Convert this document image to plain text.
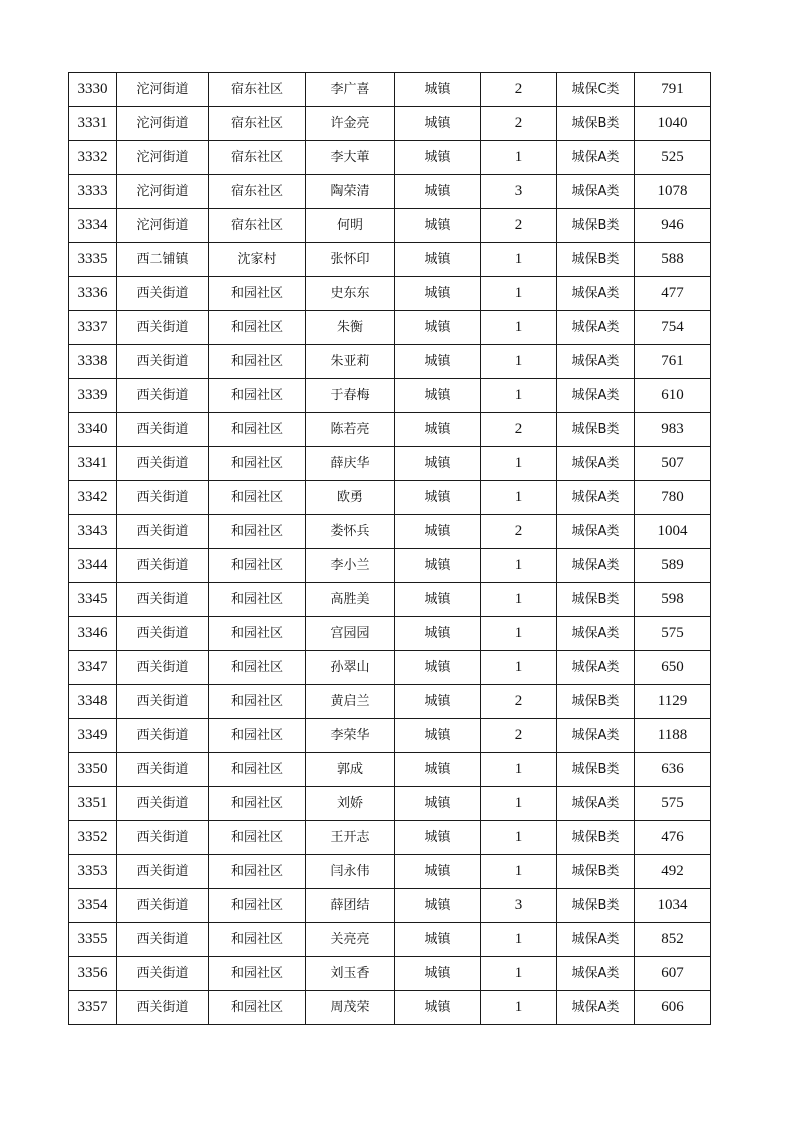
3330	沱河街道	宿东社区	李广喜	城镇	2	城保C类	791
3331	沱河街道	宿东社区	许金亮	城镇	2	城保B类	1040
3332	沱河街道	宿东社区	李大莗	城镇	1	城保A类	525
3333	沱河街道	宿东社区	陶荣清	城镇	3	城保A类	1078
3334	沱河街道	宿东社区	何明	城镇	2	城保B类	946
3335	西二铺镇	沈家村	张怀印	城镇	1	城保B类	588
3336	西关街道	和园社区	史东东	城镇	1	城保A类	477
3337	西关街道	和园社区	朱衡	城镇	1	城保A类	754
3338	西关街道	和园社区	朱亚莉	城镇	1	城保A类	761
3339	西关街道	和园社区	于春梅	城镇	1	城保A类	610
3340	西关街道	和园社区	陈若亮	城镇	2	城保B类	983
3341	西关街道	和园社区	薛庆华	城镇	1	城保A类	507
3342	西关街道	和园社区	欧勇	城镇	1	城保A类	780
3343	西关街道	和园社区	娄怀兵	城镇	2	城保A类	1004
3344	西关街道	和园社区	李小兰	城镇	1	城保A类	589
3345	西关街道	和园社区	高胜美	城镇	1	城保B类	598
3346	西关街道	和园社区	宫园园	城镇	1	城保A类	575
3347	西关街道	和园社区	孙翠山	城镇	1	城保A类	650
3348	西关街道	和园社区	黄启兰	城镇	2	城保B类	1129
3349	西关街道	和园社区	李荣华	城镇	2	城保A类	1188
3350	西关街道	和园社区	郭成	城镇	1	城保B类	636
3351	西关街道	和园社区	刘娇	城镇	1	城保A类	575
3352	西关街道	和园社区	王开志	城镇	1	城保B类	476
3353	西关街道	和园社区	闫永伟	城镇	1	城保B类	492
3354	西关街道	和园社区	薛团结	城镇	3	城保B类	1034
3355	西关街道	和园社区	关亮亮	城镇	1	城保A类	852
3356	西关街道	和园社区	刘玉香	城镇	1	城保A类	607
3357	西关街道	和园社区	周茂荣	城镇	1	城保A类	606
